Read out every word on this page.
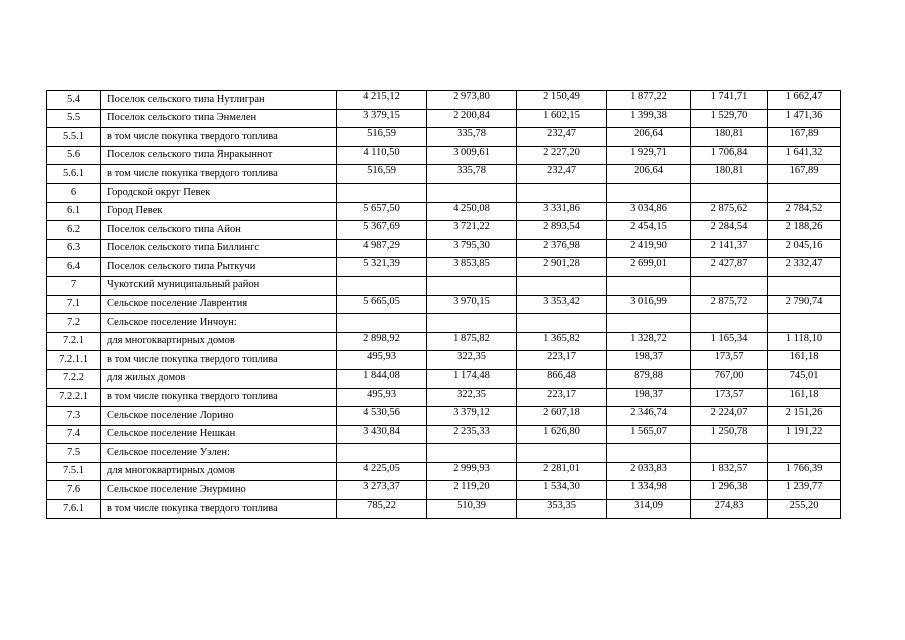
5.4	Поселок сельского типа Нутлигран	4 215,12	2 973,80	2 150,49	1 877,22	1 741,71	1 662,47
5.5	Поселок сельского типа Энмелен	3 379,15	2 200,84	1 602,15	1 399,38	1 529,70	1 471,36
5.5.1	в том числе покупка твердого топлива	516,59	335,78	232,47	206,64	180,81	167,89
5.6	Поселок сельского типа Янракыннот	4 110,50	3 009,61	2 227,20	1 929,71	1 706,84	1 641,32
5.6.1	в том числе покупка твердого топлива	516,59	335,78	232,47	206,64	180,81	167,89
6	Городской округ Певек						
6.1	Город Певек	5 657,50	4 250,08	3 331,86	3 034,86	2 875,62	2 784,52
6.2	Поселок сельского типа Айон	5 367,69	3 721,22	2 893,54	2 454,15	2 284,54	2 188,26
6.3	Поселок сельского типа Биллингс	4 987,29	3 795,30	2 376,98	2 419,90	2 141,37	2 045,16
6.4	Поселок сельского типа Рыткучи	5 321,39	3 853,85	2 901,28	2 699,01	2 427,87	2 332,47
7	Чукотский муниципальный район						
7.1	Сельское поселение Лаврентия	5 665,05	3 970,15	3 353,42	3 016,99	2 875,72	2 790,74
7.2	Сельское поселение Инчоун:						
7.2.1	для многоквартирных домов	2 898,92	1 875,82	1 365,82	1 328,72	1 165,34	1 118,10
7.2.1.1	в том числе покупка твердого топлива	495,93	322,35	223,17	198,37	173,57	161,18
7.2.2	для жилых домов	1 844,08	1 174,48	866,48	879,88	767,00	745,01
7.2.2.1	в том числе покупка твердого топлива	495,93	322,35	223,17	198,37	173,57	161,18
7.3	Сельское поселение Лорино	4 530,56	3 379,12	2 607,18	2 346,74	2 224,07	2 151,26
7.4	Сельское поселение Нешкан	3 430,84	2 235,33	1 626,80	1 565,07	1 250,78	1 191,22
7.5	Сельское поселение Уэлен:						
7.5.1	для многоквартирных домов	4 225,05	2 999,93	2 281,01	2 033,83	1 832,57	1 766,39
7.6	Сельское поселение Энурмино	3 273,37	2 119,20	1 534,30	1 334,98	1 296,38	1 239,77
7.6.1	в том числе покупка твердого топлива	785,22	510,39	353,35	314,09	274,83	255,20
